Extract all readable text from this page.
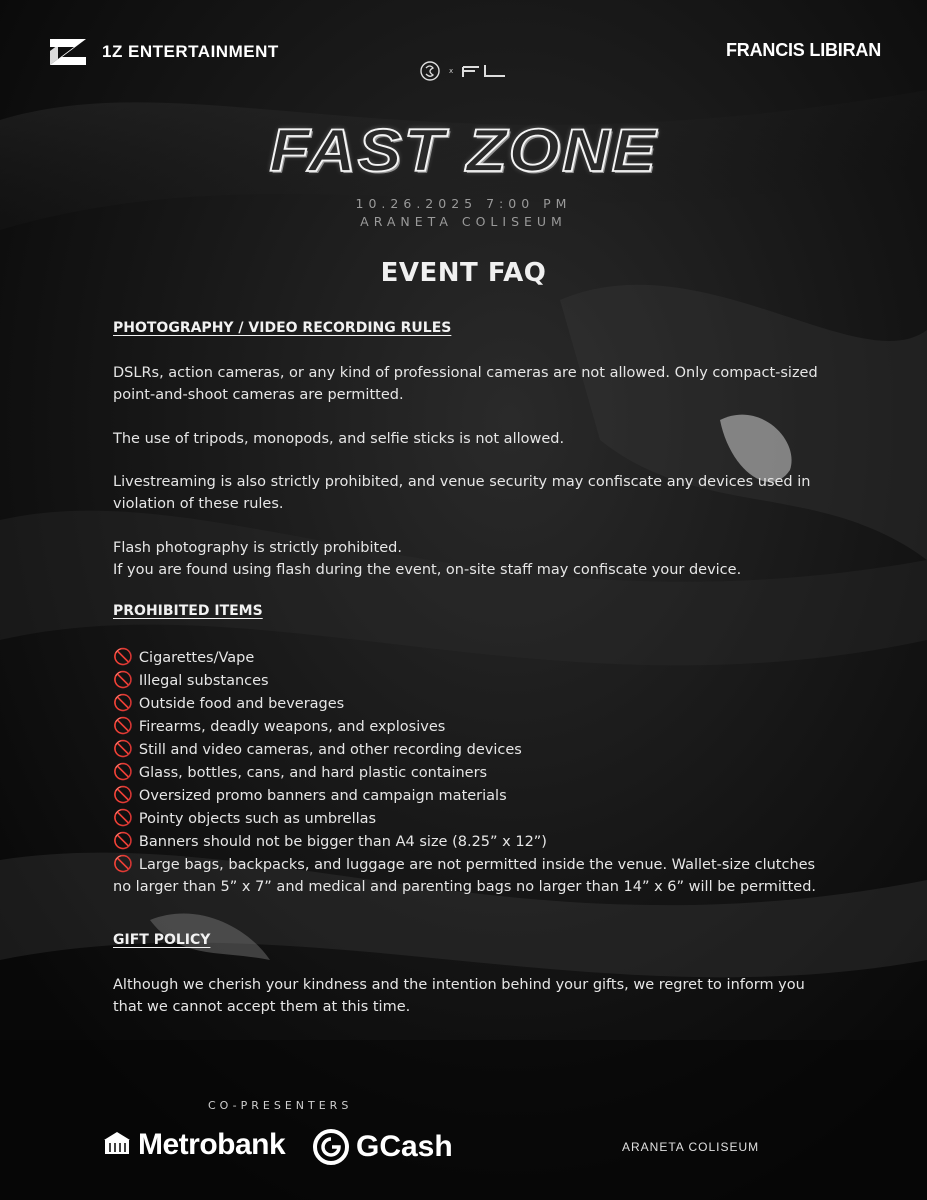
1Z ENTERTAINMENT	FRANCIS LIBIRAN
x
FAST ZONE
10.26.2025 7:00 PM
ARANETA COLISEUM
EVENT FAQ
PHOTOGRAPHY / VIDEO RECORDING RULES

DSLRs, action cameras, or any kind of professional cameras are not allowed. Only compact-sized point-and-shoot cameras are permitted.

The use of tripods, monopods, and selfie sticks is not allowed.

Livestreaming is also strictly prohibited, and venue security may confiscate any devices used in violation of these rules.

Flash photography is strictly prohibited.

If you are found using flash during the event, on-site staff may confiscate your device.

PROHIBITED ITEMS
🚫 Cigarettes/Vape
🚫 Illegal substances
🚫 Outside food and beverages
🚫 Firearms, deadly weapons, and explosives
🚫 Still and video cameras, and other recording devices
🚫 Glass, bottles, cans, and hard plastic containers
🚫 Oversized promo banners and campaign materials
🚫 Pointy objects such as umbrellas
🚫 Banners should not be bigger than A4 size (8.25” x 12”)
🚫 Large bags, backpacks, and luggage are not permitted inside the venue. Wallet-size clutches no larger than 5” x 7” and medical and parenting bags no larger than 14” x 6” will be permitted.
GIFT POLICY

Although we cherish your kindness and the intention behind your gifts, we regret to inform you that we cannot accept them at this time.

CO-PRESENTERS
Metrobank GCash	ARANETA COLISEUM
